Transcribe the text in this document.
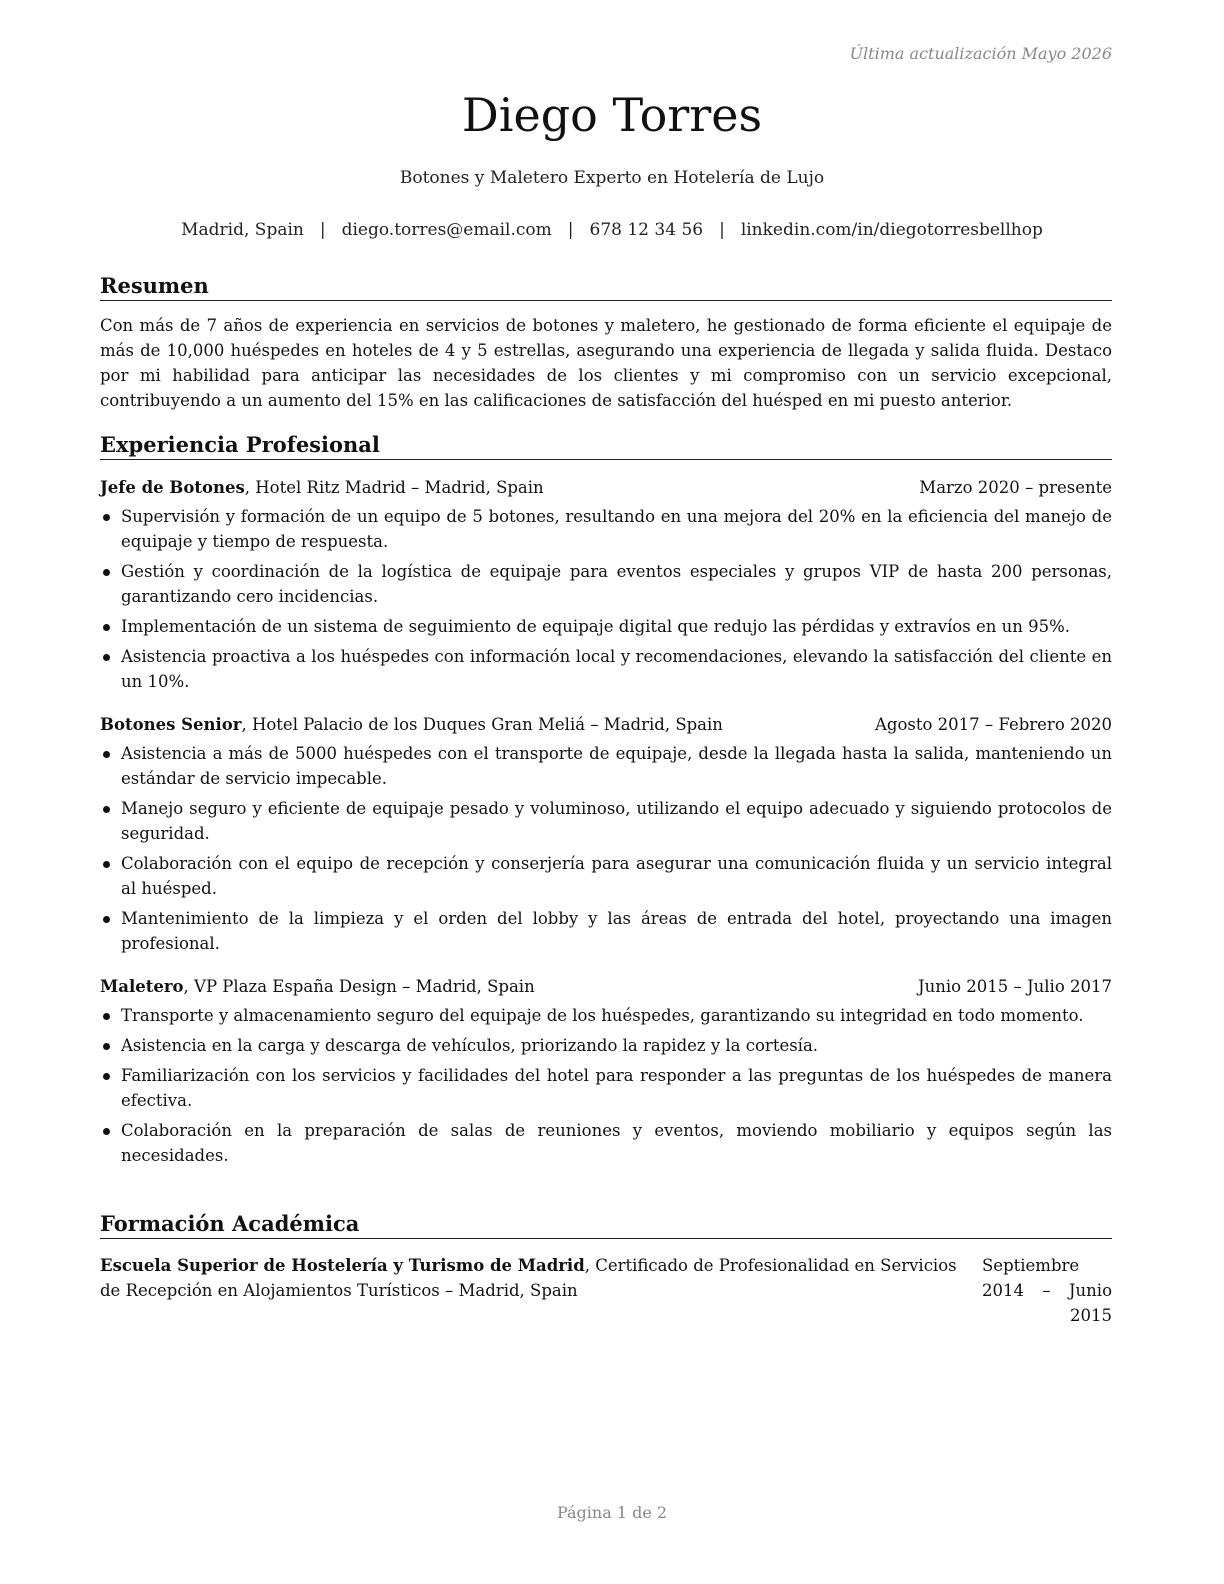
Última actualización Mayo 2026
Diego Torres
Botones y Maletero Experto en Hotelería de Lujo
Madrid, Spain | diego.torres@email.com | 678 12 34 56 | linkedin.com/in/diegotorresbellhop
Resumen
Con más de 7 años de experiencia en servicios de botones y maletero, he gestionado de forma eficiente el equipaje de más de 10,000 huéspedes en hoteles de 4 y 5 estrellas, asegurando una experiencia de llegada y salida fluida. Destaco por mi habilidad para anticipar las necesidades de los clientes y mi compromiso con un servicio excepcional, contribuyendo a un aumento del 15% en las calificaciones de satisfacción del huésped en mi puesto anterior.
Experiencia Profesional
Jefe de Botones, Hotel Ritz Madrid – Madrid, Spain	Marzo 2020 – presente
Supervisión y formación de un equipo de 5 botones, resultando en una mejora del 20% en la eficiencia del manejo de equipaje y tiempo de respuesta.
Gestión y coordinación de la logística de equipaje para eventos especiales y grupos VIP de hasta 200 personas, garantizando cero incidencias.
Implementación de un sistema de seguimiento de equipaje digital que redujo las pérdidas y extravíos en un 95%.
Asistencia proactiva a los huéspedes con información local y recomendaciones, elevando la satisfacción del cliente en un 10%.
Botones Senior, Hotel Palacio de los Duques Gran Meliá – Madrid, Spain	Agosto 2017 – Febrero 2020
Asistencia a más de 5000 huéspedes con el transporte de equipaje, desde la llegada hasta la salida, manteniendo un estándar de servicio impecable.
Manejo seguro y eficiente de equipaje pesado y voluminoso, utilizando el equipo adecuado y siguiendo protocolos de seguridad.
Colaboración con el equipo de recepción y conserjería para asegurar una comunicación fluida y un servicio integral al huésped.
Mantenimiento de la limpieza y el orden del lobby y las áreas de entrada del hotel, proyectando una imagen profesional.
Maletero, VP Plaza España Design – Madrid, Spain	Junio 2015 – Julio 2017
Transporte y almacenamiento seguro del equipaje de los huéspedes, garantizando su integridad en todo momento.
Asistencia en la carga y descarga de vehículos, priorizando la rapidez y la cortesía.
Familiarización con los servicios y facilidades del hotel para responder a las preguntas de los huéspedes de manera efectiva.
Colaboración en la preparación de salas de reuniones y eventos, moviendo mobiliario y equipos según las necesidades.
Formación Académica
Escuela Superior de Hostelería y Turismo de Madrid, Certificado de Profesionalidad en Servicios de Recepción en Alojamientos Turísticos – Madrid, Spain
Septiembre 2014 – Junio 2015
Página 1 de 2
